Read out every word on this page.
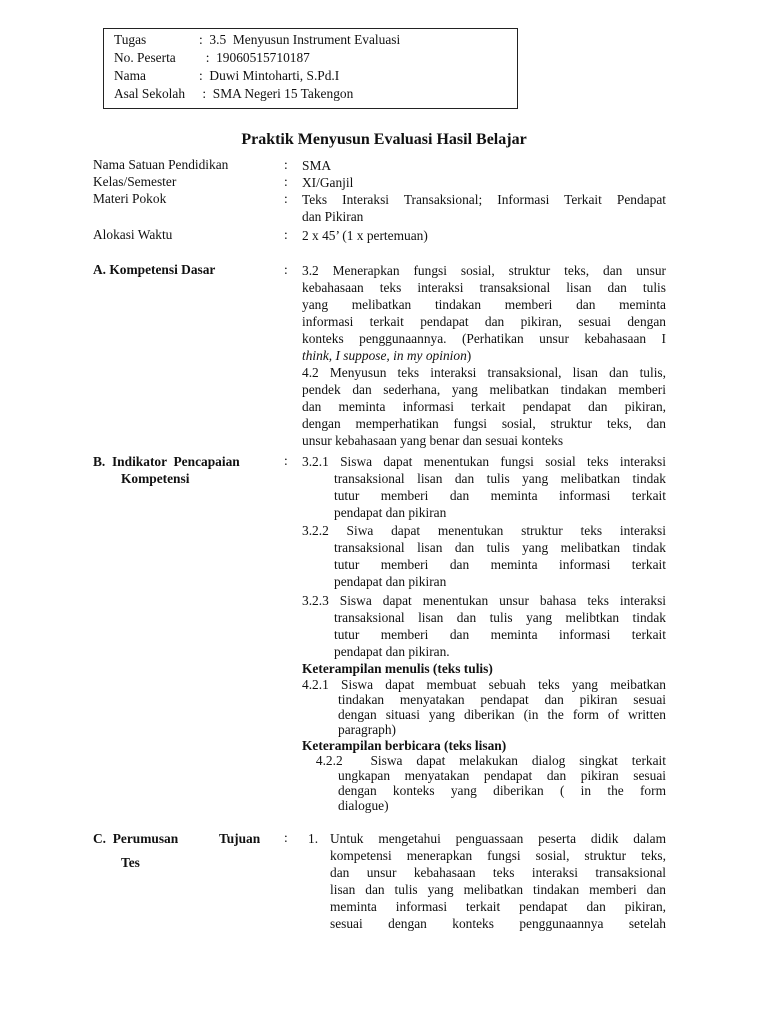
Tugas	:  3.5  Menyusun Instrument Evaluasi
No. Peserta  :  19060515710187
Nama	:  Duwi Mintoharti, S.Pd.I
Asal Sekolah :  SMA Negeri 15 Takengon
Praktik Menyusun Evaluasi Hasil Belajar
Nama Satuan Pendidikan	: SMA
Kelas/Semester	: XI/Ganjil
Materi Pokok	: Teks Interaksi Transaksional; Informasi Terkait Pendapat
dan Pikiran
Alokasi Waktu	: 2 x 45’ (1 x pertemuan)
A. Kompetensi Dasar	: 3.2 Menerapkan fungsi sosial, struktur teks, dan unsur
kebahasaan teks interaksi transaksional lisan dan tulis
yang melibatkan tindakan memberi dan meminta
informasi terkait pendapat dan pikiran, sesuai dengan
konteks penggunaannya. (Perhatikan unsur kebahasaan I
think, I suppose, in my opinion)
4.2 Menyusun teks interaksi transaksional, lisan dan tulis,
pendek dan sederhana, yang melibatkan tindakan memberi
dan meminta informasi terkait pendapat dan pikiran,
dengan memperhatikan fungsi sosial, struktur teks, dan
unsur kebahasaan yang benar dan sesuai konteks
B.  Indikator  Pencapaian
Kompetensi
: 3.2.1 Siswa dapat menentukan fungsi sosial teks interaksi
transaksional lisan dan tulis yang melibatkan tindak
tutur memberi dan meminta informasi terkait
pendapat dan pikiran
3.2.2 Siwa dapat menentukan struktur teks interaksi
transaksional lisan dan tulis yang melibatkan tindak
tutur memberi dan meminta informasi terkait
pendapat dan pikiran
3.2.3 Siswa dapat menentukan unsur bahasa teks interaksi
transaksional lisan dan tulis yang melibtkan tindak
tutur memberi dan meminta informasi terkait
pendapat dan pikiran.
Keterampilan menulis (teks tulis)
4.2.1 Siswa dapat membuat sebuah teks yang meibatkan
tindakan menyatakan pendapat dan pikiran sesuai
dengan situasi yang diberikan (in the form of written
paragraph)
Keterampilan berbicara (teks lisan)
4.2.2  Siswa dapat melakukan dialog singkat terkait
ungkapan menyatakan pendapat dan pikiran sesuai
dengan konteks yang diberikan ( in the form
dialogue)
C.  Perumusan	Tujuan
Tes
: 1. Untuk mengetahui penguassaan peserta didik dalam
kompetensi menerapkan fungsi sosial, struktur teks,
dan unsur kebahasaan teks interaksi transaksional
lisan dan tulis yang melibatkan tindakan memberi dan
meminta informasi terkait pendapat dan pikiran,
sesuai dengan konteks penggunaannya setelah
